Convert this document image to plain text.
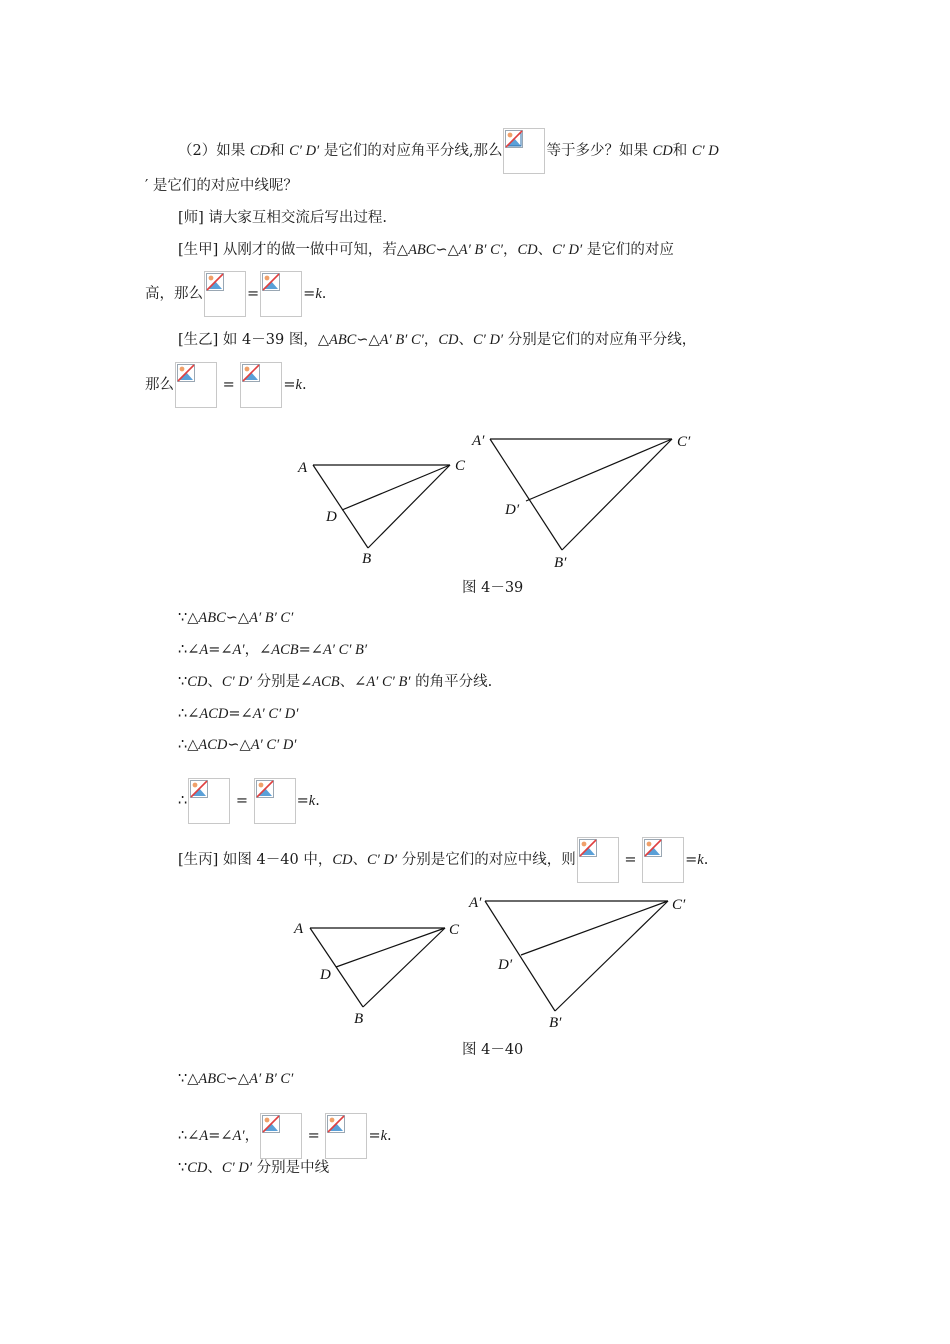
（2）如果 CD和 C′ D′ 是它们的对应角平分线,那么	等于多少？如果 CD和 C′ D
′ 是它们的对应中线呢？
[师] 请大家互相交流后写出过程.
[生甲] 从刚才的做一做中可知，若△ABC∽△A′ B′ C′，CD、C′ D′ 是它们的对应
高，那么	=	=k.
[生乙] 如 4－39 图，△ABC∽△A′ B′ C′，CD、C′ D′ 分别是它们的对应角平分线，
那么	=	=k.
A	C
D
B
A′	C′
D′
B′
图 4－39
∵△ABC∽△A′ B′ C′
∴∠A=∠A′，∠ACB=∠A′ C′ B′
∵CD、C′ D′ 分别是∠ACB、∠A′ C′ B′ 的角平分线.
∴∠ACD=∠A′ C′ D′
∴△ACD∽△A′ C′ D′
∴	=	=k.
[生丙] 如图 4－40 中，CD、C′ D′ 分别是它们的对应中线，则	=	=k.
A	C
D
B
A′	C′
D′
B′
图 4－40
∵△ABC∽△A′ B′ C′
∴∠A=∠A′，	=	=k.
∵CD、C′ D′ 分别是中线
